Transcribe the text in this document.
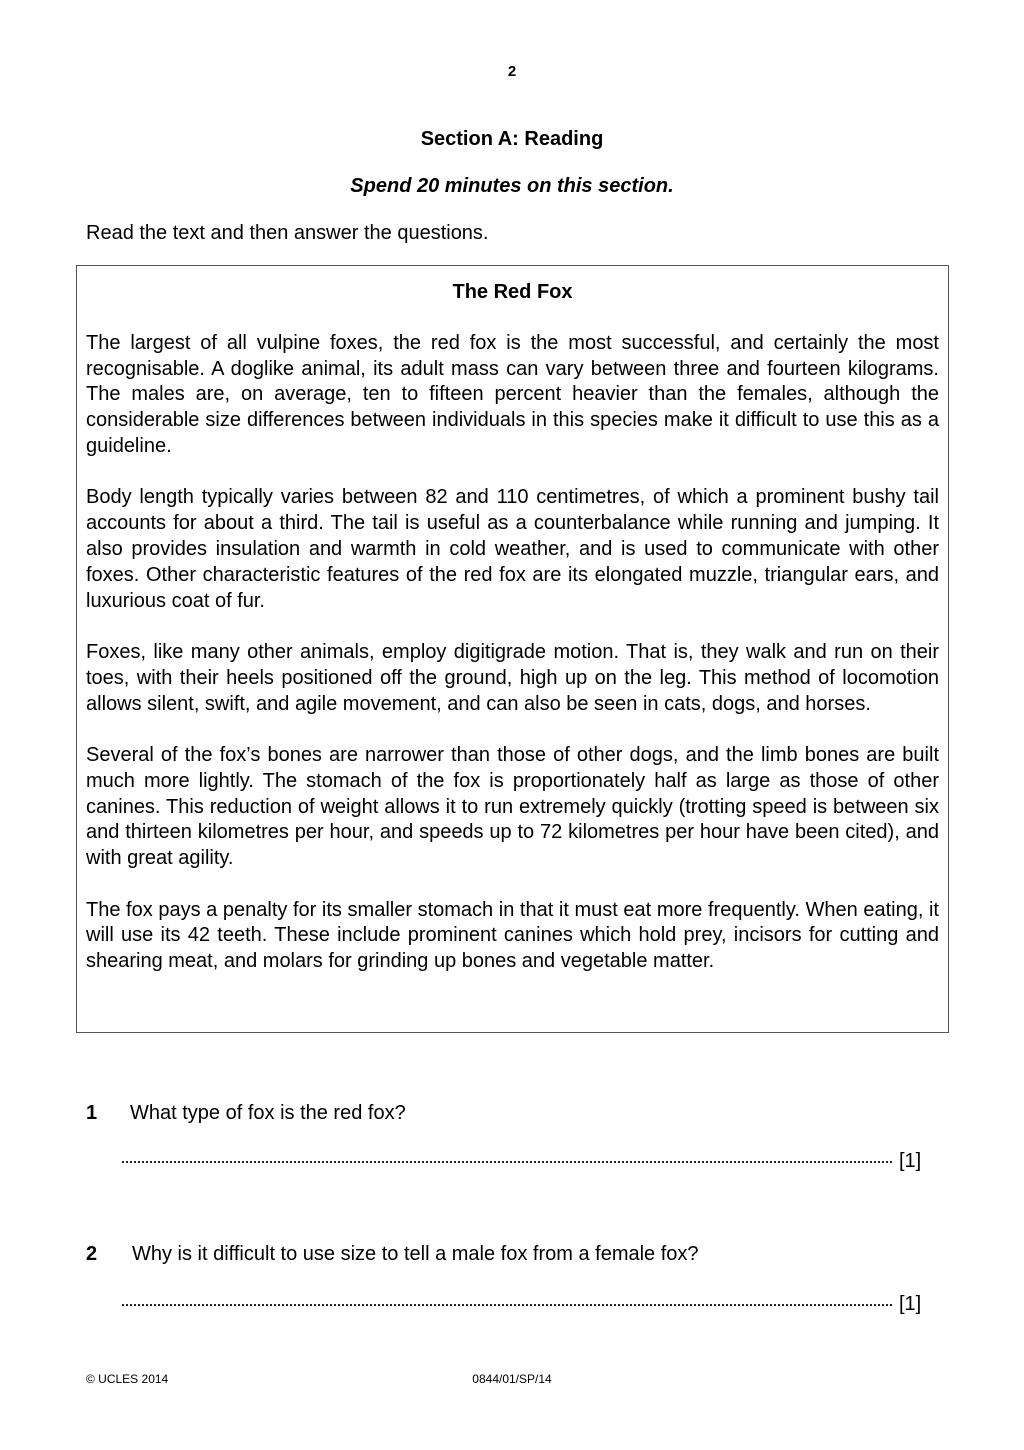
2
Section A: Reading
Spend 20 minutes on this section.
Read the text and then answer the questions.
The Red Fox

The largest of all vulpine foxes, the red fox is the most successful, and certainly the most recognisable. A doglike animal, its adult mass can vary between three and fourteen kilograms. The males are, on average, ten to fifteen percent heavier than the females, although the considerable size differences between individuals in this species make it difficult to use this as a guideline.

Body length typically varies between 82 and 110 centimetres, of which a prominent bushy tail accounts for about a third. The tail is useful as a counterbalance while running and jumping. It also provides insulation and warmth in cold weather, and is used to communicate with other foxes. Other characteristic features of the red fox are its elongated muzzle, triangular ears, and luxurious coat of fur.

Foxes, like many other animals, employ digitigrade motion. That is, they walk and run on their toes, with their heels positioned off the ground, high up on the leg. This method of locomotion allows silent, swift, and agile movement, and can also be seen in cats, dogs, and horses.

Several of the fox’s bones are narrower than those of other dogs, and the limb bones are built much more lightly. The stomach of the fox is proportionately half as large as those of other canines. This reduction of weight allows it to run extremely quickly (trotting speed is between six and thirteen kilometres per hour, and speeds up to 72 kilometres per hour have been cited), and with great agility.

The fox pays a penalty for its smaller stomach in that it must eat more frequently. When eating, it will use its 42 teeth. These include prominent canines which hold prey, incisors for cutting and shearing meat, and molars for grinding up bones and vegetable matter.

1 What type of fox is the red fox?
[1]
2 Why is it difficult to use size to tell a male fox from a female fox?
[1]
© UCLES 2014	0844/01/SP/14
